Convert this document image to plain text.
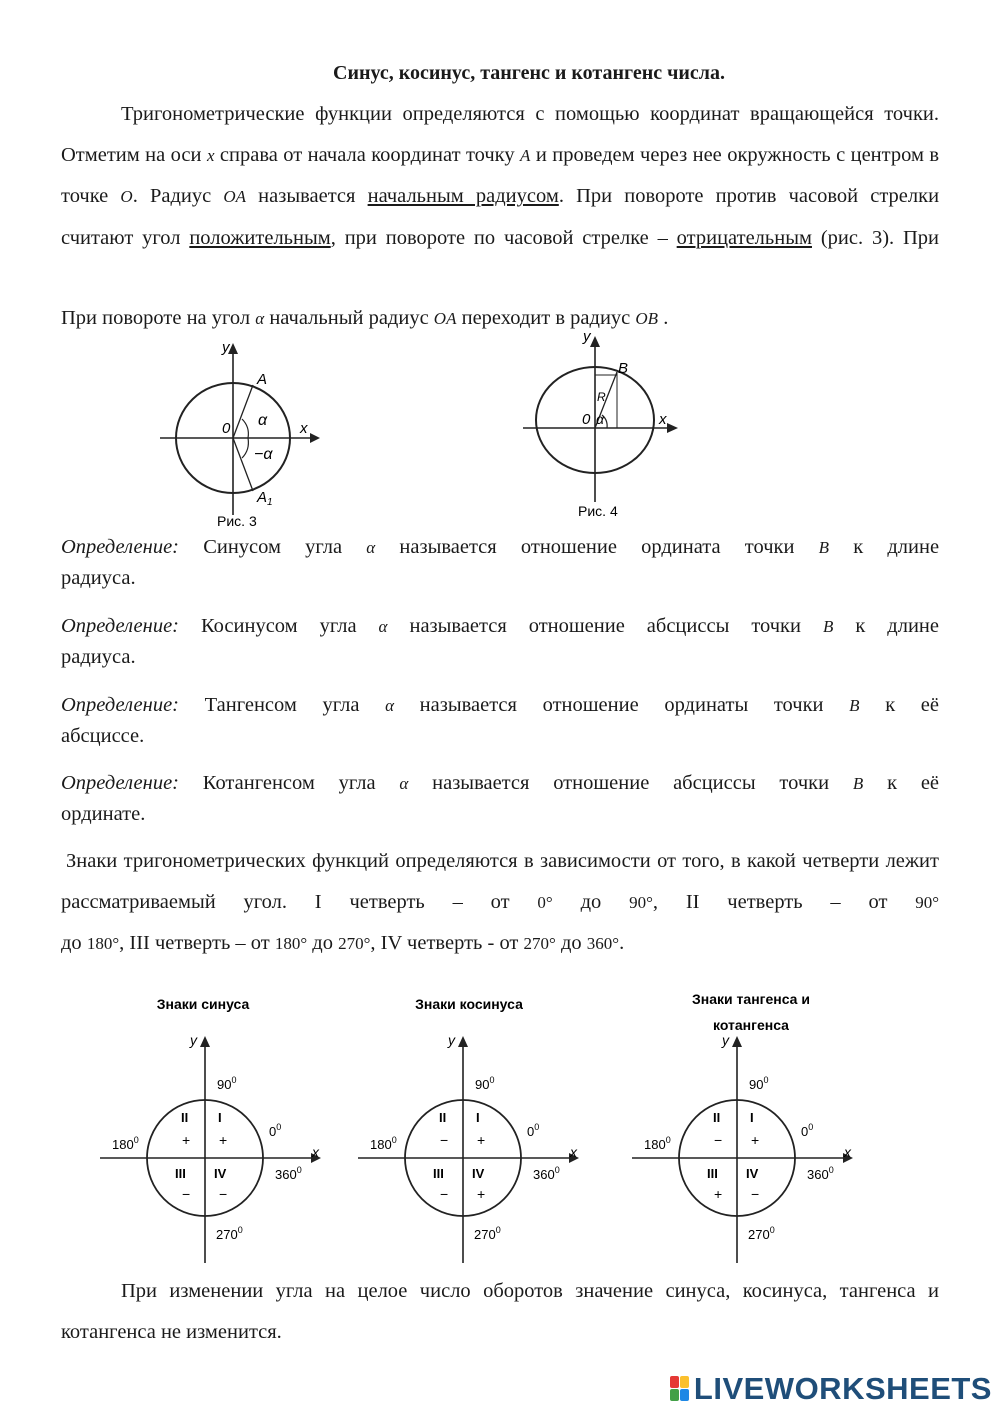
Синус, косинус, тангенс и котангенс числа.
Тригонометрические функции определяются с помощью координат вращающейся точки. Отметим на оси x справа от начала координат точку A и проведем через нее окружность с центром в точке O. Радиус OA называется начальным радиусом. При повороте против часовой стрелки считают угол положительным, при повороте по часовой стрелке – отрицательным (рис. 3). При
При повороте на угол α начальный радиус OA переходит в радиус OB .
y
x
0
A
α
−α
$A_1$
Рис. 3
y
x
0
B
R
α
Рис. 4
Определение: Синусом угла α называется отношение ордината точки B к длине
радиуса.
Определение: Косинусом угла α называется отношение абсциссы точки B к длине
радиуса.
Определение: Тангенсом угла α называется отношение ординаты точки B к её
абсциссе.
Определение: Котангенсом угла α называется отношение абсциссы точки B к её
ординате.
Знаки тригонометрических функций определяются в зависимости от того, в какой четверти лежит рассматриваемый угол. I четверть – от 0° до 90°, II четверть – от 90°
до 180°, III четверть – от 180° до 270°, IV четверть - от 270° до 360°.
Знаки синуса
y
x
I
II
III IV
+
+
− −
$90^0$
$0^0$
$180^0$
$360^0$
$270^0$
Знаки косинуса
y
x
I
II
III IV
+
−
− +
$90^0$
$0^0$
$180^0$
$360^0$
$270^0$
Знаки тангенса и
котангенса
y
x
I
II
III IV
+
−
+ −
$90^0$
$0^0$
$180^0$
$360^0$
$270^0$
При изменении угла на целое число оборотов значение синуса, косинуса, тангенса и котангенса не изменится.
LIVEWORKSHEETS
